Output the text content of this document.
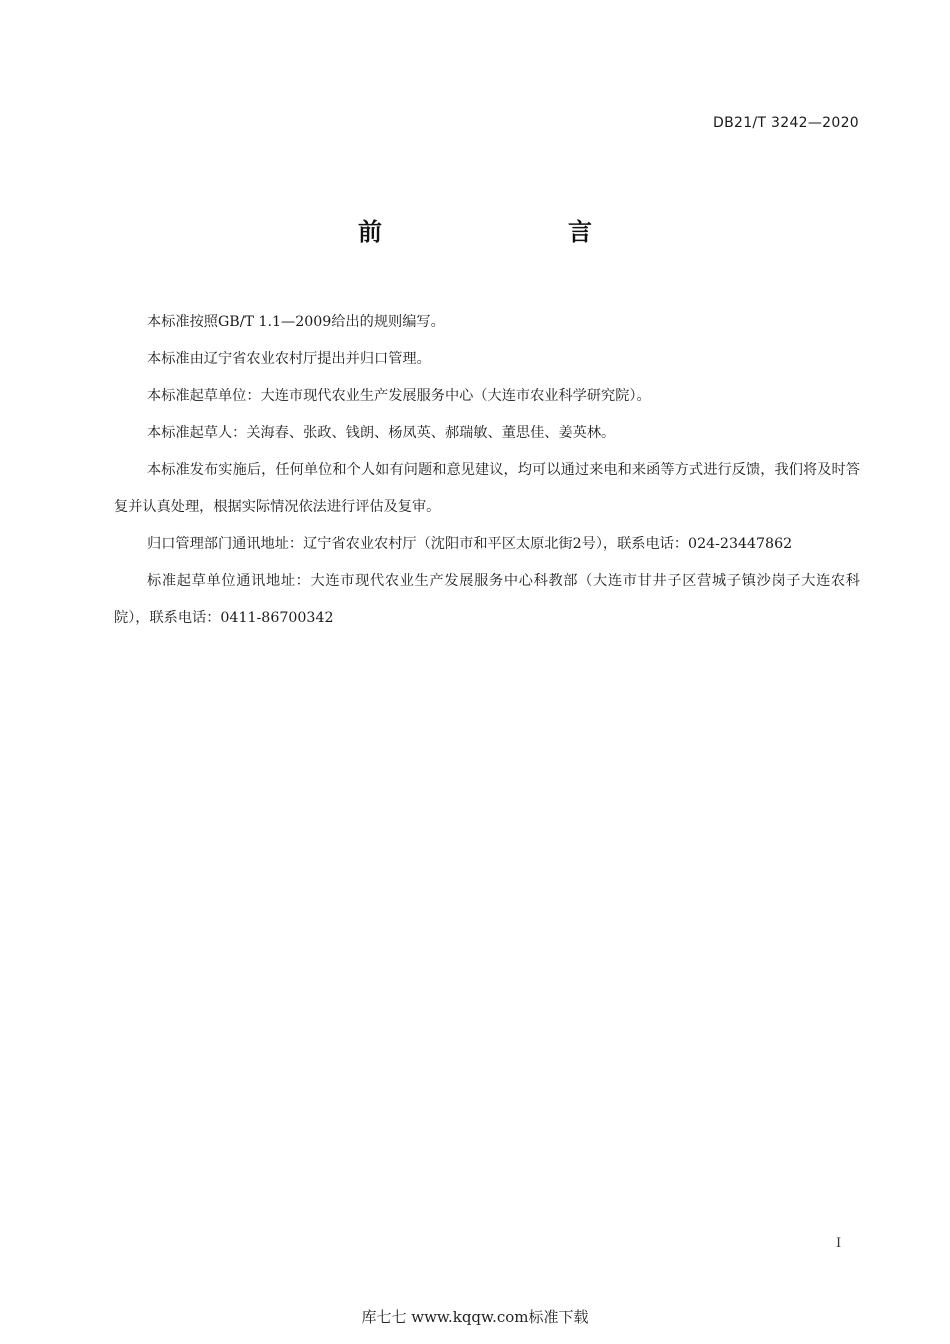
DB21/T 3242—2020
前　　言

本标准按照GB/T 1.1—2009给出的规则编写。

本标准由辽宁省农业农村厅提出并归口管理。

本标准起草单位：大连市现代农业生产发展服务中心（大连市农业科学研究院）。

本标准起草人：关海春、张政、钱朗、杨凤英、郝瑞敏、董思佳、姜英林。

本标准发布实施后，任何单位和个人如有问题和意见建议，均可以通过来电和来函等方式进行反馈，我们将及时答复并认真处理，根据实际情况依法进行评估及复审。

归口管理部门通讯地址：辽宁省农业农村厅（沈阳市和平区太原北街2号），联系电话：024-23447862

标准起草单位通讯地址：大连市现代农业生产发展服务中心科教部（大连市甘井子区营城子镇沙岗子大连农科院），联系电话：0411-86700342

I
库七七 www.kqqw.com标准下载
